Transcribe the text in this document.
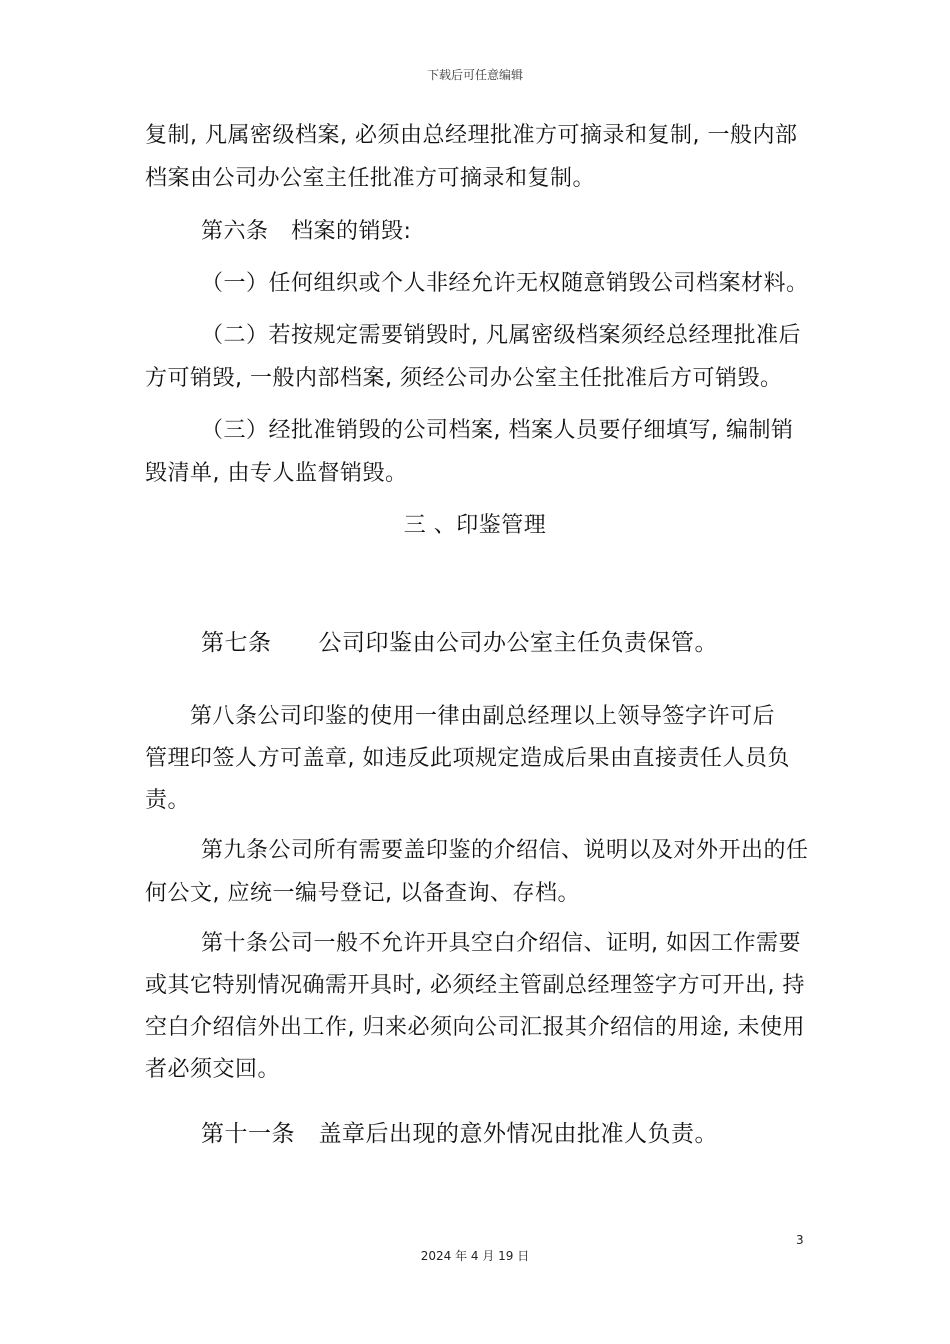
下载后可任意编辑
复制, 凡属密级档案, 必须由总经理批准方可摘录和复制, 一般内部
档案由公司办公室主任批准方可摘录和复制。
第六条　档案的销毁:
（一）任何组织或个人非经允许无权随意销毁公司档案材料。
（二）若按规定需要销毁时, 凡属密级档案须经总经理批准后
方可销毁, 一般内部档案, 须经公司办公室主任批准后方可销毁。
（三）经批准销毁的公司档案, 档案人员要仔细填写, 编制销
毁清单, 由专人监督销毁。
三 、印鉴管理
第七条　　公司印鉴由公司办公室主任负责保管。
第八条公司印鉴的使用一律由副总经理以上领导签字许可后
管理印签人方可盖章, 如违反此项规定造成后果由直接责任人员负
责。
第九条公司所有需要盖印鉴的介绍信、说明以及对外开出的任
何公文, 应统一编号登记, 以备查询、存档。
第十条公司一般不允许开具空白介绍信、证明, 如因工作需要
或其它特别情况确需开具时, 必须经主管副总经理签字方可开出, 持
空白介绍信外出工作, 归来必须向公司汇报其介绍信的用途, 未使用
者必须交回。
第十一条　盖章后出现的意外情况由批准人负责。
3
2024 年 4 月 19 日
